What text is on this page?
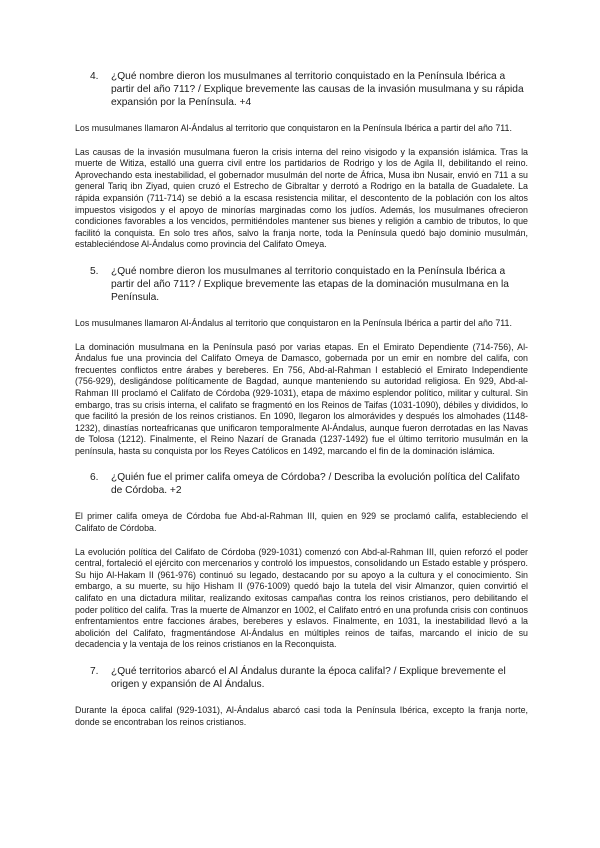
4.	¿Qué nombre dieron los musulmanes al territorio conquistado en la Península Ibérica a partir del año 711? / Explique brevemente las causas de la invasión musulmana y su rápida expansión por la Península. +4

Los musulmanes llamaron Al-Ándalus al territorio que conquistaron en la Península Ibérica a partir del año 711.

Las causas de la invasión musulmana fueron la crisis interna del reino visigodo y la expansión islámica. Tras la muerte de Witiza, estalló una guerra civil entre los partidarios de Rodrigo y los de Agila II, debilitando el reino. Aprovechando esta inestabilidad, el gobernador musulmán del norte de África, Musa ibn Nusair, envió en 711 a su general Tariq ibn Ziyad, quien cruzó el Estrecho de Gibraltar y derrotó a Rodrigo en la batalla de Guadalete. La rápida expansión (711-714) se debió a la escasa resistencia militar, el descontento de la población con los altos impuestos visigodos y el apoyo de minorías marginadas como los judíos. Además, los musulmanes ofrecieron condiciones favorables a los vencidos, permitiéndoles mantener sus bienes y religión a cambio de tributos, lo que facilitó la conquista. En solo tres años, salvo la franja norte, toda la Península quedó bajo dominio musulmán, estableciéndose Al-Ándalus como provincia del Califato Omeya.

5.	¿Qué nombre dieron los musulmanes al territorio conquistado en la Península Ibérica a partir del año 711? / Explique brevemente las etapas de la dominación musulmana en la Península.

Los musulmanes llamaron Al-Ándalus al territorio que conquistaron en la Península Ibérica a partir del año 711.

La dominación musulmana en la Península pasó por varias etapas. En el Emirato Dependiente (714-756), Al-Ándalus fue una provincia del Califato Omeya de Damasco, gobernada por un emir en nombre del califa, con frecuentes conflictos entre árabes y bereberes. En 756, Abd-al-Rahman I estableció el Emirato Independiente (756-929), desligándose políticamente de Bagdad, aunque manteniendo su autoridad religiosa. En 929, Abd-al-Rahman III proclamó el Califato de Córdoba (929-1031), etapa de máximo esplendor político, militar y cultural. Sin embargo, tras su crisis interna, el califato se fragmentó en los Reinos de Taifas (1031-1090), débiles y divididos, lo que facilitó la presión de los reinos cristianos. En 1090, llegaron los almorávides y después los almohades (1148-1232), dinastías norteafricanas que unificaron temporalmente Al-Ándalus, aunque fueron derrotadas en las Navas de Tolosa (1212). Finalmente, el Reino Nazarí de Granada (1237-1492) fue el último territorio musulmán en la península, hasta su conquista por los Reyes Católicos en 1492, marcando el fin de la dominación islámica.

6.	¿Quién fue el primer califa omeya de Córdoba? / Describa la evolución política del Califato de Córdoba. +2

El primer califa omeya de Córdoba fue Abd-al-Rahman III, quien en 929 se proclamó califa, estableciendo el Califato de Córdoba.

La evolución política del Califato de Córdoba (929-1031) comenzó con Abd-al-Rahman III, quien reforzó el poder central, fortaleció el ejército con mercenarios y controló los impuestos, consolidando un Estado estable y próspero. Su hijo Al-Hakam II (961-976) continuó su legado, destacando por su apoyo a la cultura y el conocimiento. Sin embargo, a su muerte, su hijo Hisham II (976-1009) quedó bajo la tutela del visir Almanzor, quien convirtió el califato en una dictadura militar, realizando exitosas campañas contra los reinos cristianos, pero debilitando el poder político del califa. Tras la muerte de Almanzor en 1002, el Califato entró en una profunda crisis con continuos enfrentamientos entre facciones árabes, bereberes y eslavos. Finalmente, en 1031, la inestabilidad llevó a la abolición del Califato, fragmentándose Al-Ándalus en múltiples reinos de taifas, marcando el inicio de su decadencia y la ventaja de los reinos cristianos en la Reconquista.

7.	¿Qué territorios abarcó el Al Ándalus durante la época califal? / Explique brevemente el origen y expansión de Al Ándalus.

Durante la época califal (929-1031), Al-Ándalus abarcó casi toda la Península Ibérica, excepto la franja norte, donde se encontraban los reinos cristianos.
